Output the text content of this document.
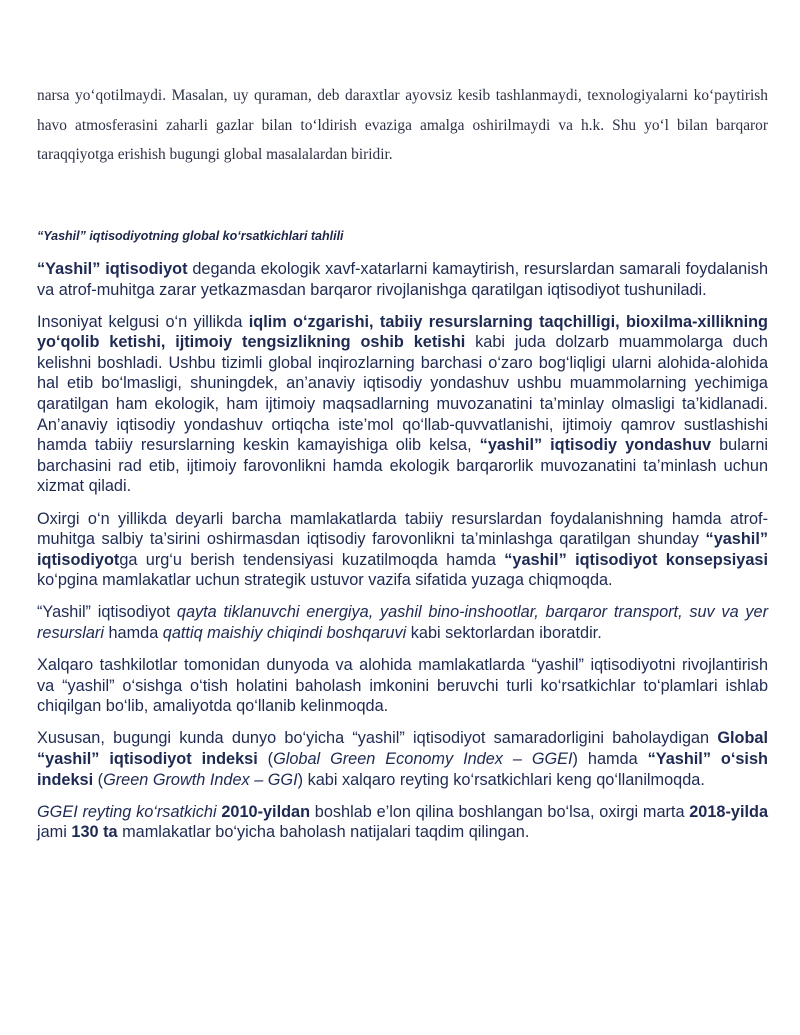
narsa yo‘qotilmaydi. Masalan, uy quraman, deb daraxtlar ayovsiz kesib tashlanmaydi, texnologiyalarni ko‘paytirish havo atmosferasini zaharli gazlar bilan to‘ldirish evaziga amalga oshirilmaydi va h.k. Shu yo‘l bilan barqaror taraqqiyotga erishish bugungi global masalalardan biridir.

“Yashil” iqtisodiyotning global ko‘rsatkichlari tahlili

“Yashil” iqtisodiyot deganda ekologik xavf-xatarlarni kamaytirish, resurslardan samarali foydalanish va atrof-muhitga zarar yetkazmasdan barqaror rivojlanishga qaratilgan iqtisodiyot tushuniladi.

Insoniyat kelgusi o‘n yillikda iqlim o‘zgarishi, tabiiy resurslarning taqchilligi, bioxilma-xillikning yo‘qolib ketishi, ijtimoiy tengsizlikning oshib ketishi kabi juda dolzarb muammolarga duch kelishni boshladi. Ushbu tizimli global inqirozlarning barchasi o‘zaro bog‘liqligi ularni alohida-alohida hal etib bo‘lmasligi, shuningdek, an’anaviy iqtisodiy yondashuv ushbu muammolarning yechimiga qaratilgan ham ekologik, ham ijtimoiy maqsadlarning muvozanatini ta’minlay olmasligi ta’kidlanadi. An’anaviy iqtisodiy yondashuv ortiqcha iste’mol qo‘llab-quvvatlanishi, ijtimoiy qamrov sustlashishi hamda tabiiy resurslarning keskin kamayishiga olib kelsa, “yashil” iqtisodiy yondashuv bularni barchasini rad etib, ijtimoiy farovonlikni hamda ekologik barqarorlik muvozanatini ta’minlash uchun xizmat qiladi.

Oxirgi o‘n yillikda deyarli barcha mamlakatlarda tabiiy resurslardan foydalanishning hamda atrof-muhitga salbiy ta’sirini oshirmasdan iqtisodiy farovonlikni ta’minlashga qaratilgan shunday “yashil” iqtisodiyotga urg‘u berish tendensiyasi kuzatilmoqda hamda “yashil” iqtisodiyot konsepsiyasi ko‘pgina mamlakatlar uchun strategik ustuvor vazifa sifatida yuzaga chiqmoqda.

“Yashil” iqtisodiyot qayta tiklanuvchi energiya, yashil bino-inshootlar, barqaror transport, suv va yer resurslari hamda qattiq maishiy chiqindi boshqaruvi kabi sektorlardan iboratdir.

Xalqaro tashkilotlar tomonidan dunyoda va alohida mamlakatlarda “yashil” iqtisodiyotni rivojlantirish va “yashil” o‘sishga o‘tish holatini baholash imkonini beruvchi turli ko‘rsatkichlar to‘plamlari ishlab chiqilgan bo‘lib, amaliyotda qo‘llanib kelinmoqda.

Xususan, bugungi kunda dunyo bo‘yicha “yashil” iqtisodiyot samaradorligini baholaydigan Global “yashil” iqtisodiyot indeksi (Global Green Economy Index – GGEI) hamda “Yashil” o‘sish indeksi (Green Growth Index – GGI) kabi xalqaro reyting ko‘rsatkichlari keng qo‘llanilmoqda.

GGEI reyting ko‘rsatkichi 2010-yildan boshlab e’lon qilina boshlangan bo‘lsa, oxirgi marta 2018-yilda jami 130 ta mamlakatlar bo‘yicha baholash natijalari taqdim qilingan.
